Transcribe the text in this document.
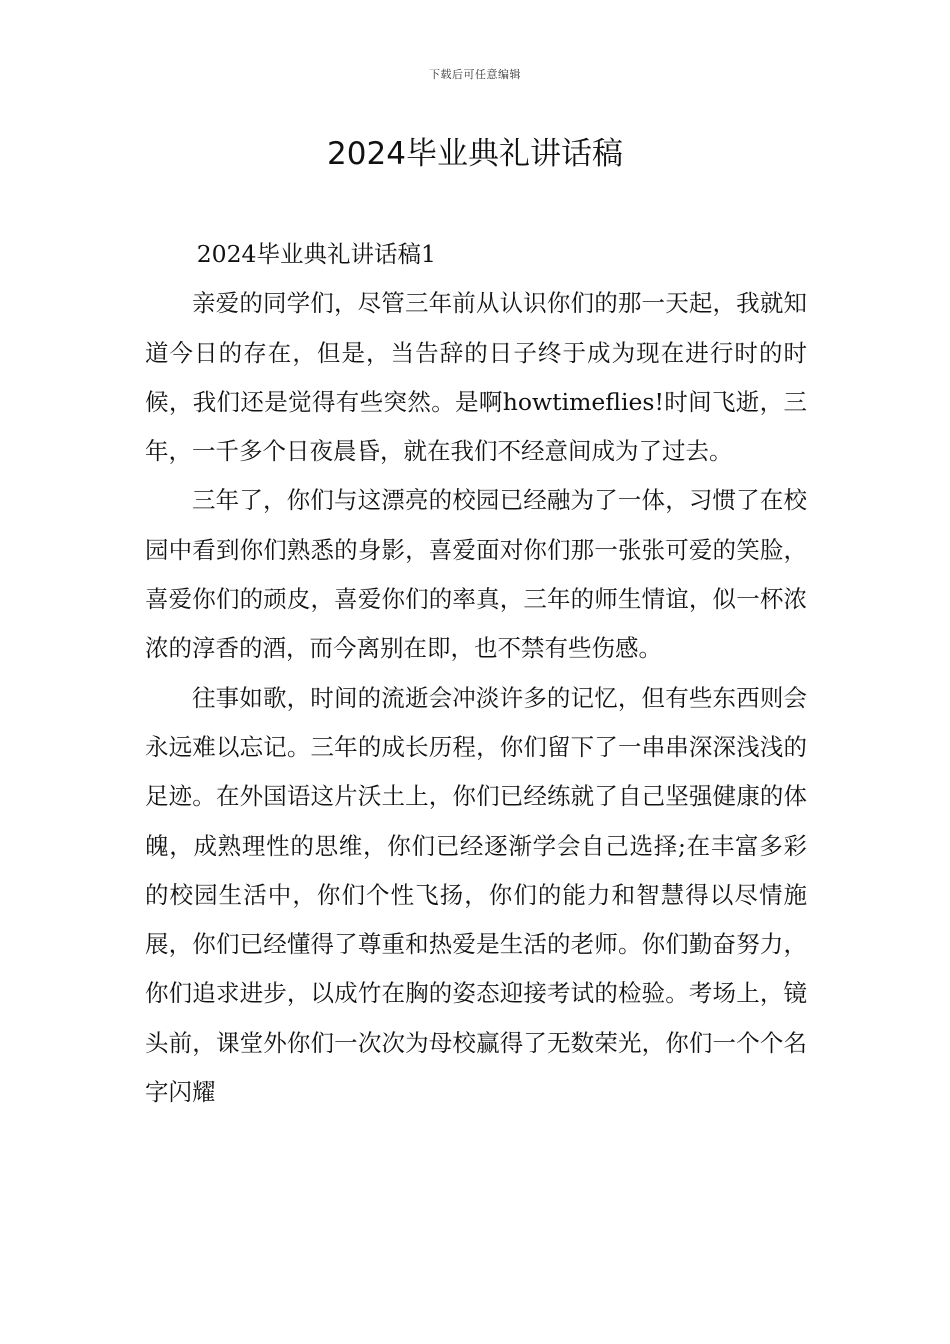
下载后可任意编辑
2024毕业典礼讲话稿

2024毕业典礼讲话稿1

亲爱的同学们，尽管三年前从认识你们的那一天起，我就知道今日的存在，但是，当告辞的日子终于成为现在进行时的时候，我们还是觉得有些突然。是啊howtimeflies!时间飞逝，三年，一千多个日夜晨昏，就在我们不经意间成为了过去。

三年了，你们与这漂亮的校园已经融为了一体，习惯了在校园中看到你们熟悉的身影，喜爱面对你们那一张张可爱的笑脸，喜爱你们的顽皮，喜爱你们的率真，三年的师生情谊，似一杯浓浓的淳香的酒，而今离别在即，也不禁有些伤感。

往事如歌，时间的流逝会冲淡许多的记忆，但有些东西则会永远难以忘记。三年的成长历程，你们留下了一串串深深浅浅的足迹。在外国语这片沃土上，你们已经练就了自己坚强健康的体魄，成熟理性的思维，你们已经逐渐学会自己选择;在丰富多彩的校园生活中，你们个性飞扬，你们的能力和智慧得以尽情施展，你们已经懂得了尊重和热爱是生活的老师。你们勤奋努力，你们追求进步，以成竹在胸的姿态迎接考试的检验。考场上，镜头前，课堂外你们一次次为母校赢得了无数荣光，你们一个个名字闪耀
